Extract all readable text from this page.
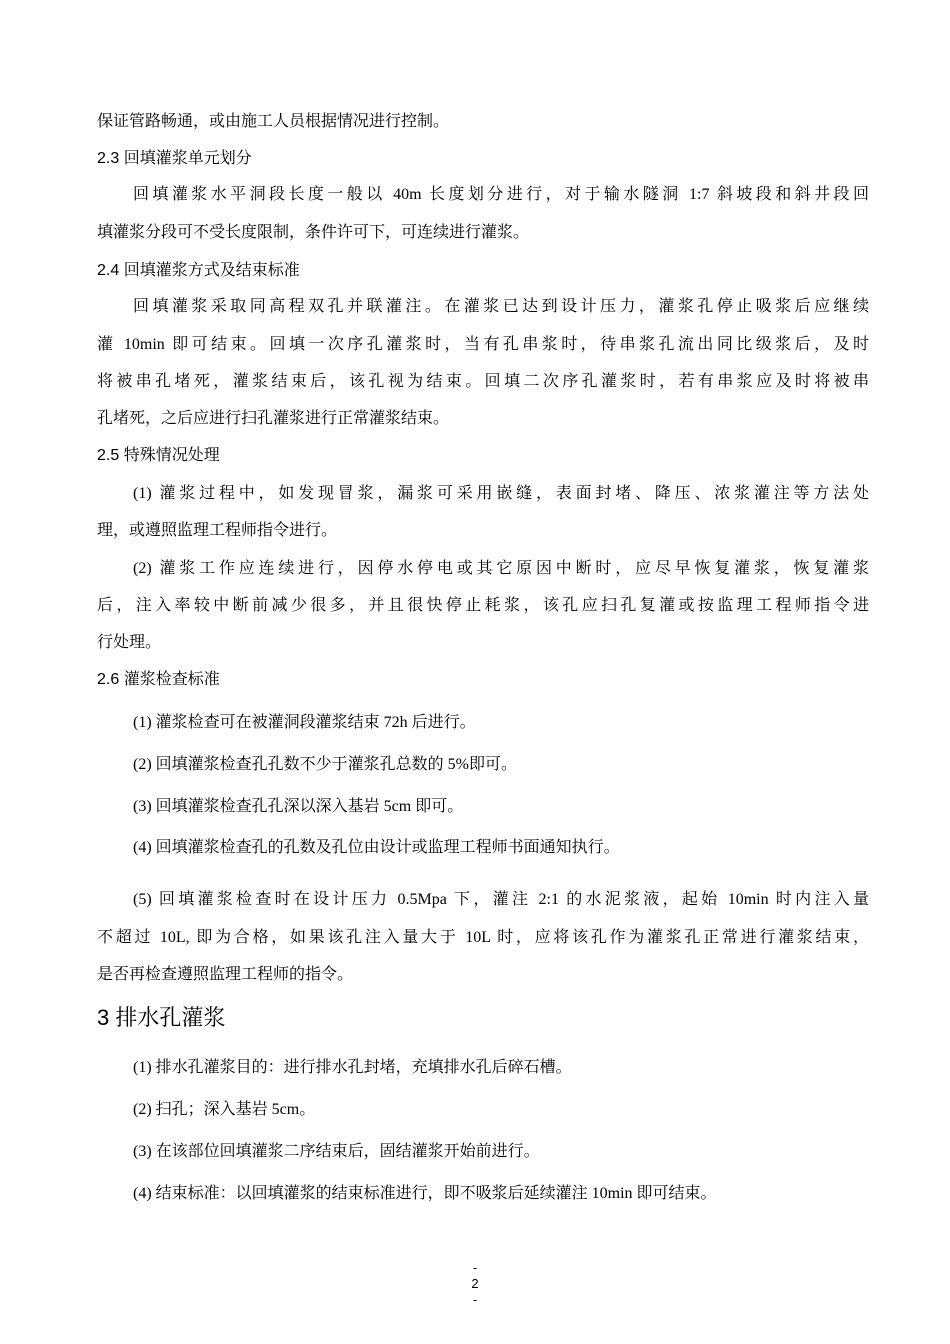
保证管路畅通，或由施工人员根据情况进行控制。
2.3 回填灌浆单元划分
回填灌浆水平洞段长度一般以 40m 长度划分进行，对于输水隧洞 1:7 斜坡段和斜井段回
填灌浆分段可不受长度限制，条件许可下，可连续进行灌浆。
2.4 回填灌浆方式及结束标准
回填灌浆采取同高程双孔并联灌注。在灌浆已达到设计压力，灌浆孔停止吸浆后应继续
灌 10min 即可结束。回填一次序孔灌浆时，当有孔串浆时，待串浆孔流出同比级浆后，及时
将被串孔堵死，灌浆结束后，该孔视为结束。回填二次序孔灌浆时，若有串浆应及时将被串
孔堵死，之后应进行扫孔灌浆进行正常灌浆结束。
2.5 特殊情况处理
(1) 灌浆过程中，如发现冒浆，漏浆可采用嵌缝，表面封堵、降压、浓浆灌注等方法处
理，或遵照监理工程师指令进行。
(2) 灌浆工作应连续进行，因停水停电或其它原因中断时，应尽早恢复灌浆，恢复灌浆
后，注入率较中断前减少很多，并且很快停止耗浆，该孔应扫孔复灌或按监理工程师指令进
行处理。
2.6 灌浆检查标准
(1) 灌浆检查可在被灌洞段灌浆结束 72h 后进行。
(2) 回填灌浆检查孔孔数不少于灌浆孔总数的 5%即可。
(3) 回填灌浆检查孔孔深以深入基岩 5cm 即可。
(4) 回填灌浆检查孔的孔数及孔位由设计或监理工程师书面通知执行。
(5) 回填灌浆检查时在设计压力 0.5Mpa 下，灌注 2:1 的水泥浆液，起始 10min 时内注入量
不超过 10L, 即为合格，如果该孔注入量大于 10L 时，应将该孔作为灌浆孔正常进行灌浆结束，
是否再检查遵照监理工程师的指令。
3 排水孔灌浆
(1) 排水孔灌浆目的：进行排水孔封堵，充填排水孔后碎石槽。
(2) 扫孔；深入基岩 5cm。
(3) 在该部位回填灌浆二序结束后，固结灌浆开始前进行。
(4) 结束标准：以回填灌浆的结束标准进行，即不吸浆后延续灌注 10min 即可结束。
-
2
-
